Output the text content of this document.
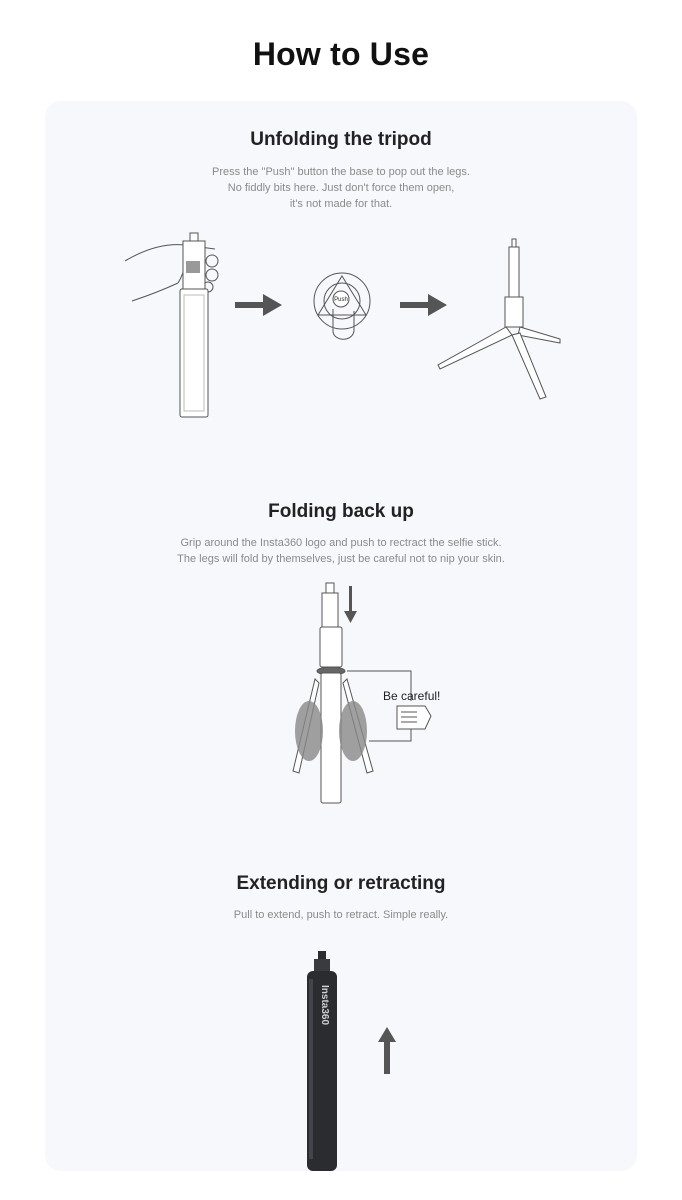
How to Use
Unfolding the tripod
Press the "Push" button the base to pop out the legs.
No fiddly bits here. Just don't force them open,
it's not made for that.
Push
Folding back up
Grip around the Insta360 logo and push to rectract the selfie stick.
The legs will fold by themselves, just be careful not to nip your skin.
Be careful!
Extending or retracting
Pull to extend, push to retract. Simple really.
Insta360
